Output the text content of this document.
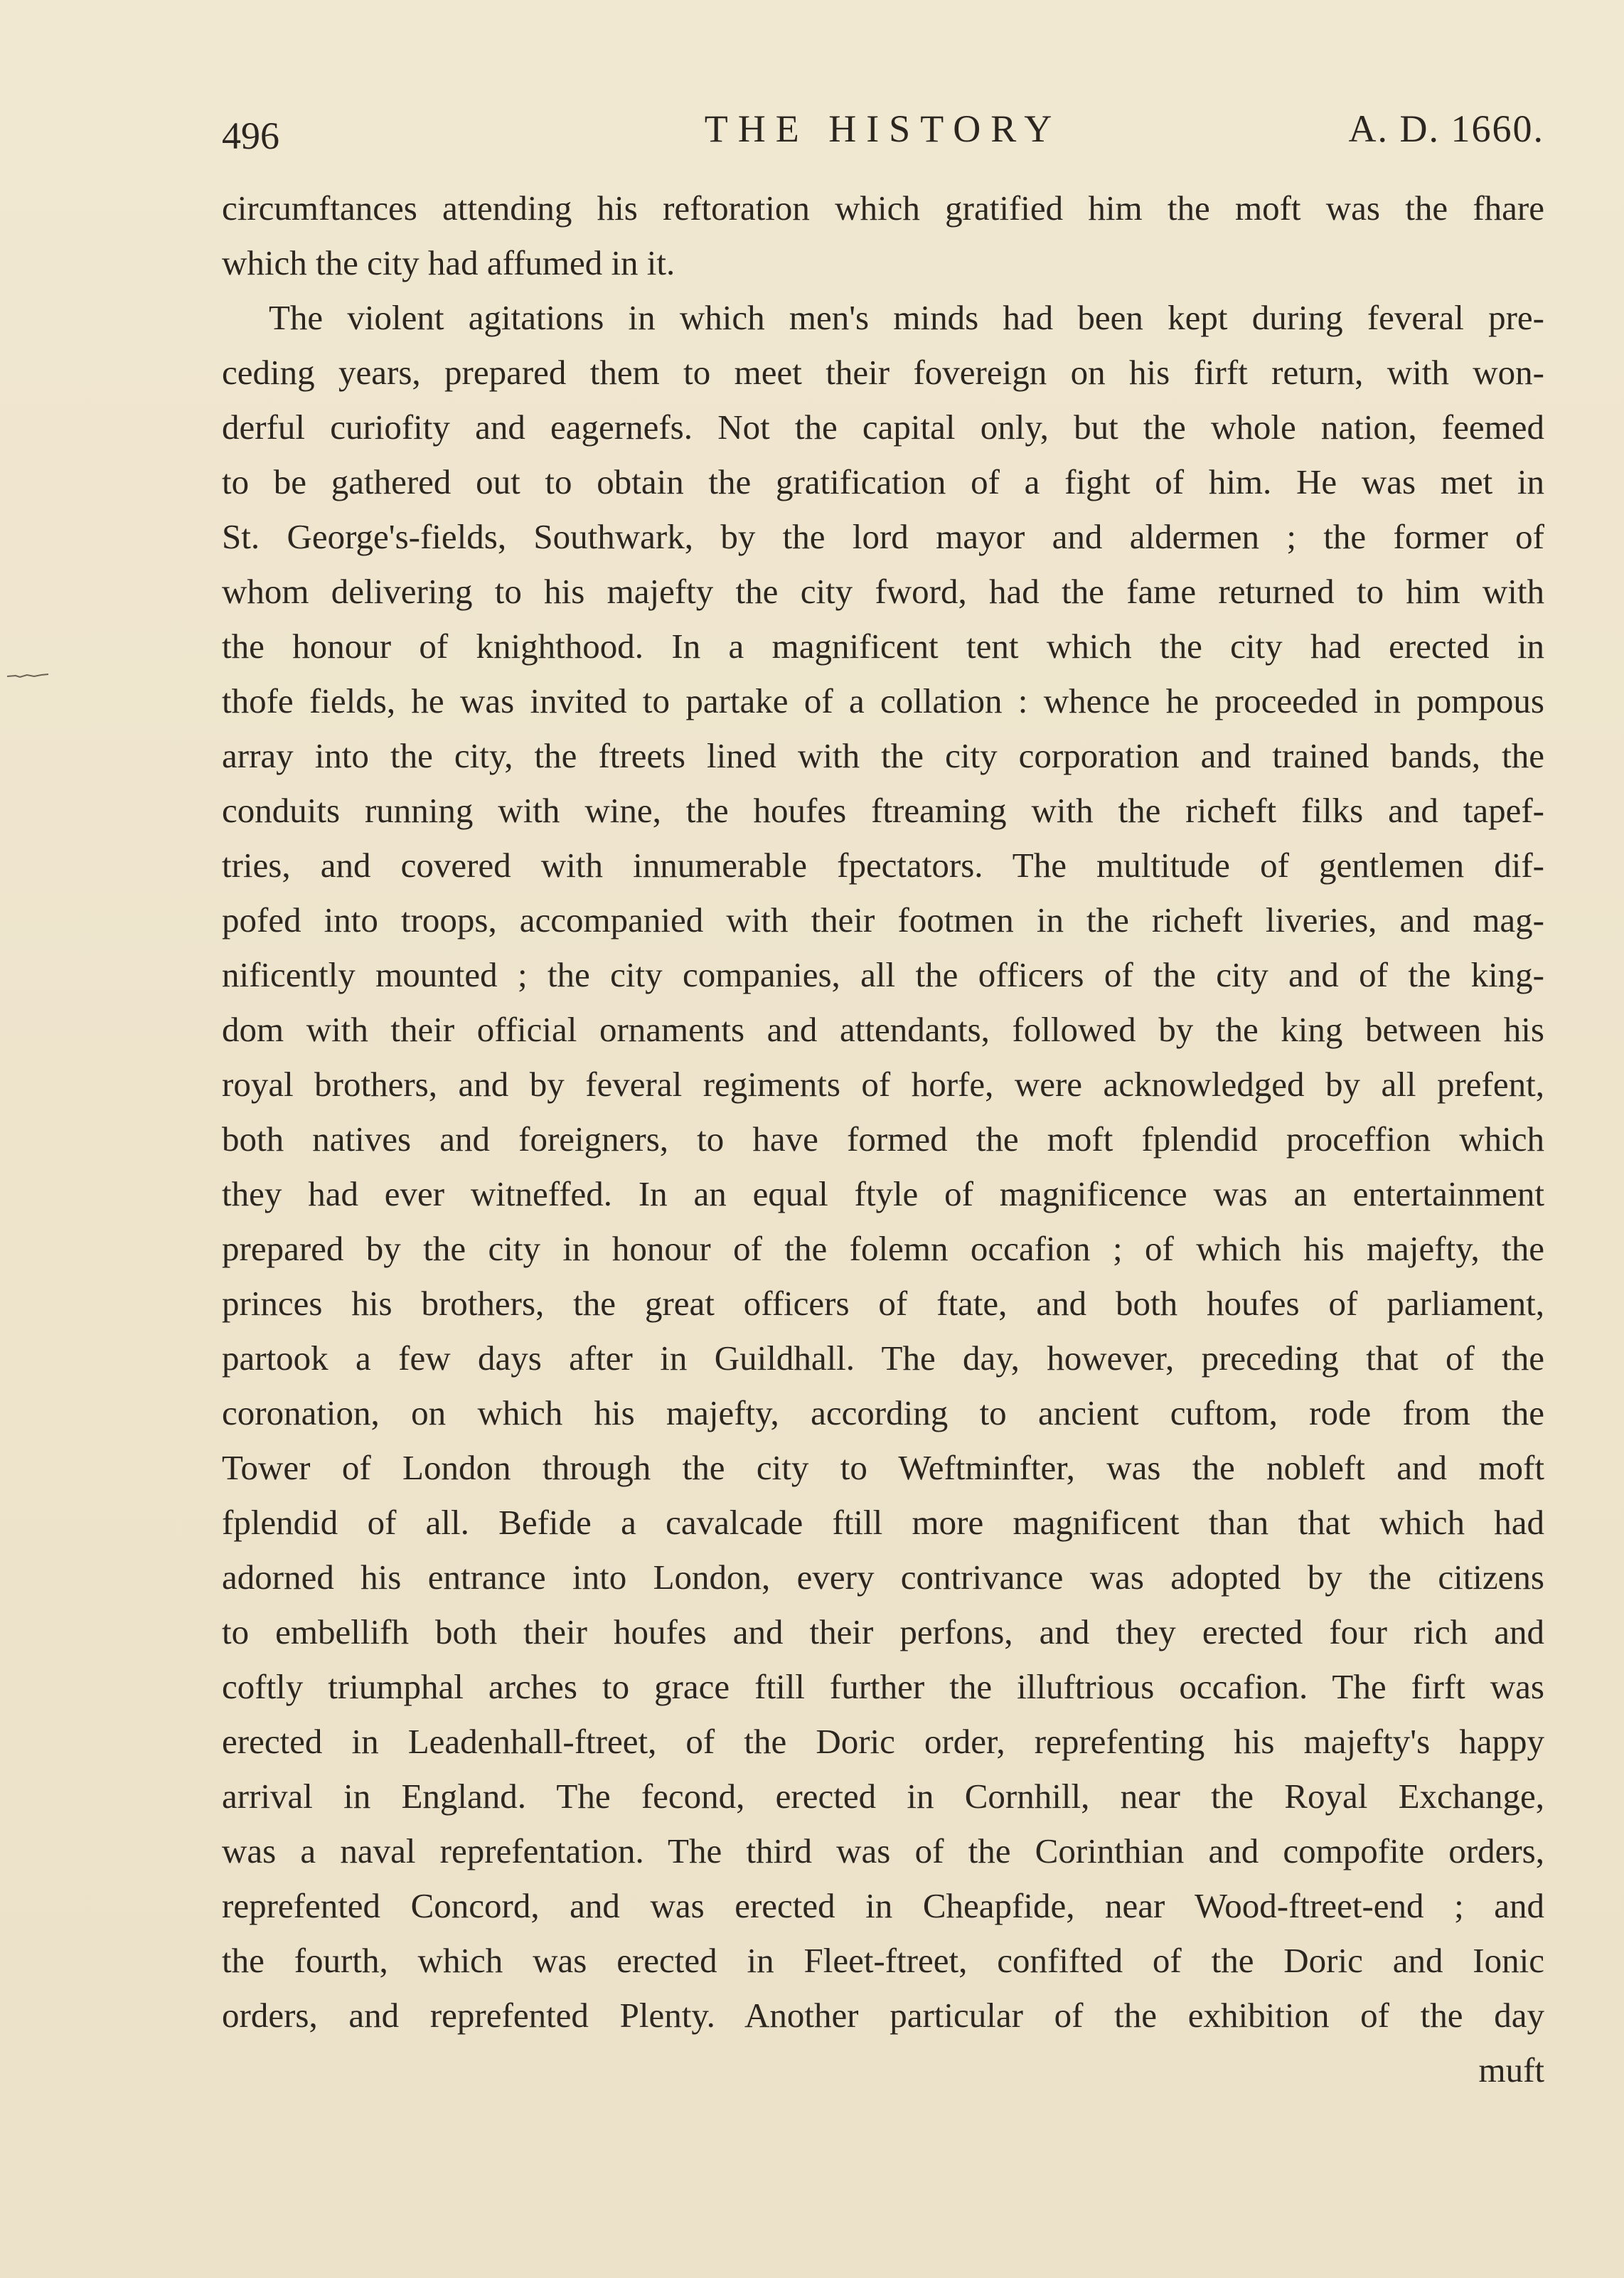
496	THE HISTORY	A. D. 1660.
circumftances attending his reftoration which gratified him the moft was the fhare
which the city had affumed in it.
The violent agitations in which men's minds had been kept during feveral pre-
ceding years, prepared them to meet their fovereign on his firft return, with won-
derful curiofity and eagernefs. Not the capital only, but the whole nation, feemed
to be gathered out to obtain the gratification of a fight of him. He was met in
St. George's-fields, Southwark, by the lord mayor and aldermen ; the former of
whom delivering to his majefty the city fword, had the fame returned to him with
the honour of knighthood. In a magnificent tent which the city had erected in
thofe fields, he was invited to partake of a collation : whence he proceeded in pompous
array into the city, the ftreets lined with the city corporation and trained bands, the
conduits running with wine, the houfes ftreaming with the richeft filks and tapef-
tries, and covered with innumerable fpectators. The multitude of gentlemen dif-
pofed into troops, accompanied with their footmen in the richeft liveries, and mag-
nificently mounted ; the city companies, all the officers of the city and of the king-
dom with their official ornaments and attendants, followed by the king between his
royal brothers, and by feveral regiments of horfe, were acknowledged by all prefent,
both natives and foreigners, to have formed the moft fplendid proceffion which
they had ever witneffed. In an equal ftyle of magnificence was an entertainment
prepared by the city in honour of the folemn occafion ; of which his majefty, the
princes his brothers, the great officers of ftate, and both houfes of parliament,
partook a few days after in Guildhall. The day, however, preceding that of the
coronation, on which his majefty, according to ancient cuftom, rode from the
Tower of London through the city to Weftminfter, was the nobleft and moft
fplendid of all. Befide a cavalcade ftill more magnificent than that which had
adorned his entrance into London, every contrivance was adopted by the citizens
to embellifh both their houfes and their perfons, and they erected four rich and
coftly triumphal arches to grace ftill further the illuftrious occafion. The firft was
erected in Leadenhall-ftreet, of the Doric order, reprefenting his majefty's happy
arrival in England. The fecond, erected in Cornhill, near the Royal Exchange,
was a naval reprefentation. The third was of the Corinthian and compofite orders,
reprefented Concord, and was erected in Cheapfide, near Wood-ftreet-end ; and
the fourth, which was erected in Fleet-ftreet, confifted of the Doric and Ionic
orders, and reprefented Plenty. Another particular of the exhibition of the day
muft
